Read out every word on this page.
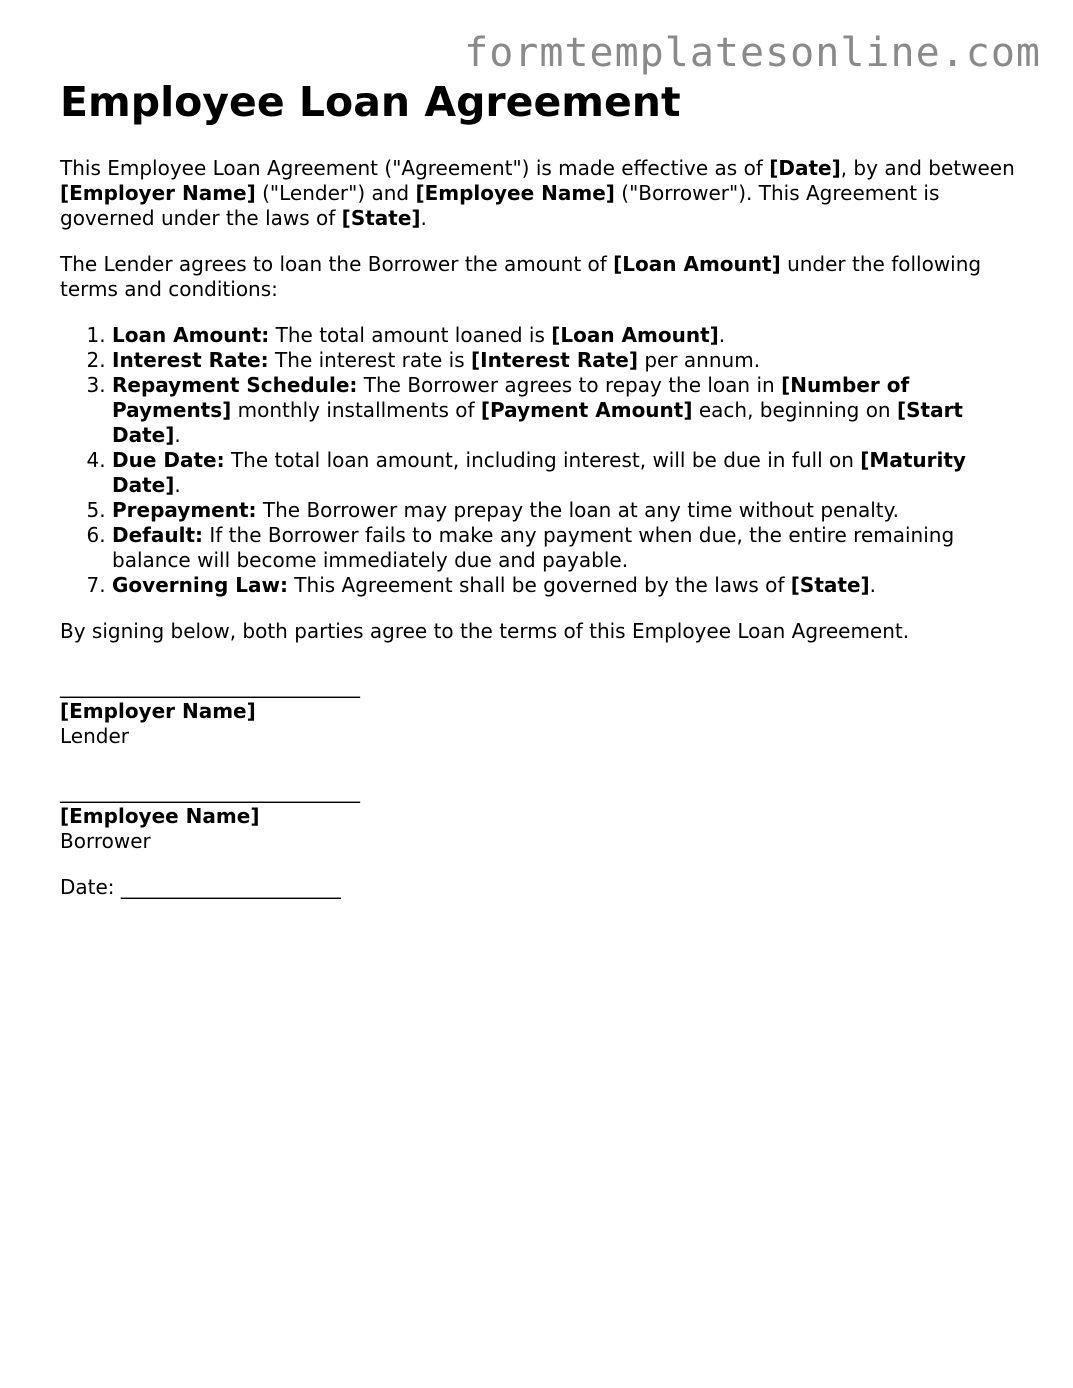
formtemplatesonline.com
Employee Loan Agreement

This Employee Loan Agreement ("Agreement") is made effective as of [Date], by and between [Employer Name] ("Lender") and [Employee Name] ("Borrower"). This Agreement is governed under the laws of [State].

The Lender agrees to loan the Borrower the amount of [Loan Amount] under the following terms and conditions:

1. Loan Amount: The total amount loaned is [Loan Amount].
2. Interest Rate: The interest rate is [Interest Rate] per annum.
3. Repayment Schedule: The Borrower agrees to repay the loan in [Number of Payments] monthly installments of [Payment Amount] each, beginning on [Start Date].
4. Due Date: The total loan amount, including interest, will be due in full on [Maturity Date].
5. Prepayment: The Borrower may prepay the loan at any time without penalty.
6. Default: If the Borrower fails to make any payment when due, the entire remaining balance will become immediately due and payable.
7. Governing Law: This Agreement shall be governed by the laws of [State].

By signing below, both parties agree to the terms of this Employee Loan Agreement.

______________________________

[Employer Name]

Lender

______________________________

[Employee Name]

Borrower

Date: ______________________
